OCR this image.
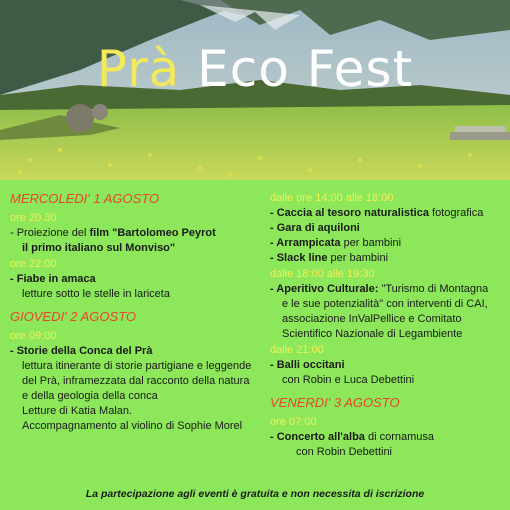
Prà Eco Fest
MERCOLEDI' 1 AGOSTO
ore 20.30
- Proiezione del film "Bartolomeo Peyrot
il primo italiano sul Monviso"
ore 22:00
- Fiabe in amaca
letture sotto le stelle in lariceta
GIOVEDI' 2 AGOSTO
ore 09:00
- Storie della Conca del Prà
lettura itinerante di storie partigiane e leggende
del Prà, inframezzata dal racconto della natura
e della geologia della conca
Letture di Katia Malan.
Accompagnamento al violino di Sophie Morel
dalle ore 14:00 alle 18:00
- Caccia al tesoro naturalistica fotografica
- Gara di aquiloni
- Arrampicata per bambini
- Slack line per bambini
dalle 18:00 alle 19:30
- Aperitivo Culturale: "Turismo di Montagna
e le sue potenzialità" con interventi di CAI,
associazione InValPellice e Comitato
Scientifico Nazionale di Legambiente
dalle 21:00
- Balli occitani
con Robin e Luca Debettini
VENERDI' 3 AGOSTO
ore 07:00
- Concerto all'alba di cornamusa
con Robin Debettini
La partecipazione agli eventi è gratuita e non necessita di iscrizione
